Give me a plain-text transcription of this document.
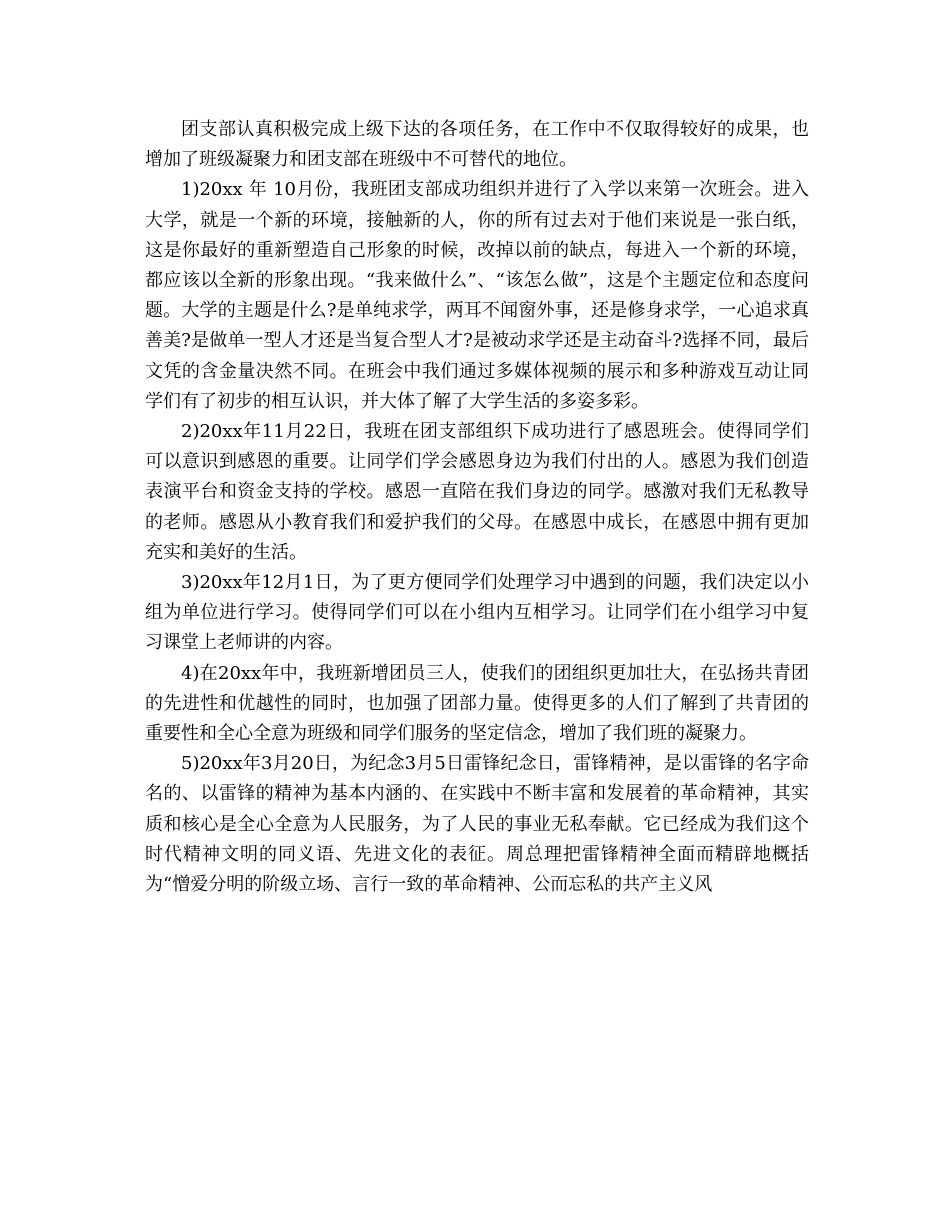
团支部认真积极完成上级下达的各项任务，在工作中不仅取得较好的成果，也增加了班级凝聚力和团支部在班级中不可替代的地位。

1)20xx 年 10月份，我班团支部成功组织并进行了入学以来第一次班会。进入大学，就是一个新的环境，接触新的人，你的所有过去对于他们来说是一张白纸，这是你最好的重新塑造自己形象的时候，改掉以前的缺点，每进入一个新的环境，都应该以全新的形象出现。“我来做什么”、“该怎么做”，这是个主题定位和态度问题。大学的主题是什么?是单纯求学，两耳不闻窗外事，还是修身求学，一心追求真善美?是做单一型人才还是当复合型人才?是被动求学还是主动奋斗?选择不同，最后文凭的含金量决然不同。在班会中我们通过多媒体视频的展示和多种游戏互动让同学们有了初步的相互认识，并大体了解了大学生活的多姿多彩。

2)20xx年11月22日，我班在团支部组织下成功进行了感恩班会。使得同学们可以意识到感恩的重要。让同学们学会感恩身边为我们付出的人。感恩为我们创造表演平台和资金支持的学校。感恩一直陪在我们身边的同学。感激对我们无私教导的老师。感恩从小教育我们和爱护我们的父母。在感恩中成长，在感恩中拥有更加充实和美好的生活。

3)20xx年12月1日，为了更方便同学们处理学习中遇到的问题，我们决定以小组为单位进行学习。使得同学们可以在小组内互相学习。让同学们在小组学习中复习课堂上老师讲的内容。

4)在20xx年中，我班新增团员三人，使我们的团组织更加壮大，在弘扬共青团的先进性和优越性的同时，也加强了团部力量。使得更多的人们了解到了共青团的重要性和全心全意为班级和同学们服务的坚定信念，增加了我们班的凝聚力。

5)20xx年3月20日，为纪念3月5日雷锋纪念日，雷锋精神，是以雷锋的名字命名的、以雷锋的精神为基本内涵的、在实践中不断丰富和发展着的革命精神，其实质和核心是全心全意为人民服务，为了人民的事业无私奉献。它已经成为我们这个时代精神文明的同义语、先进文化的表征。周总理把雷锋精神全面而精辟地概括为“憎爱分明的阶级立场、言行一致的革命精神、公而忘私的共产主义风
